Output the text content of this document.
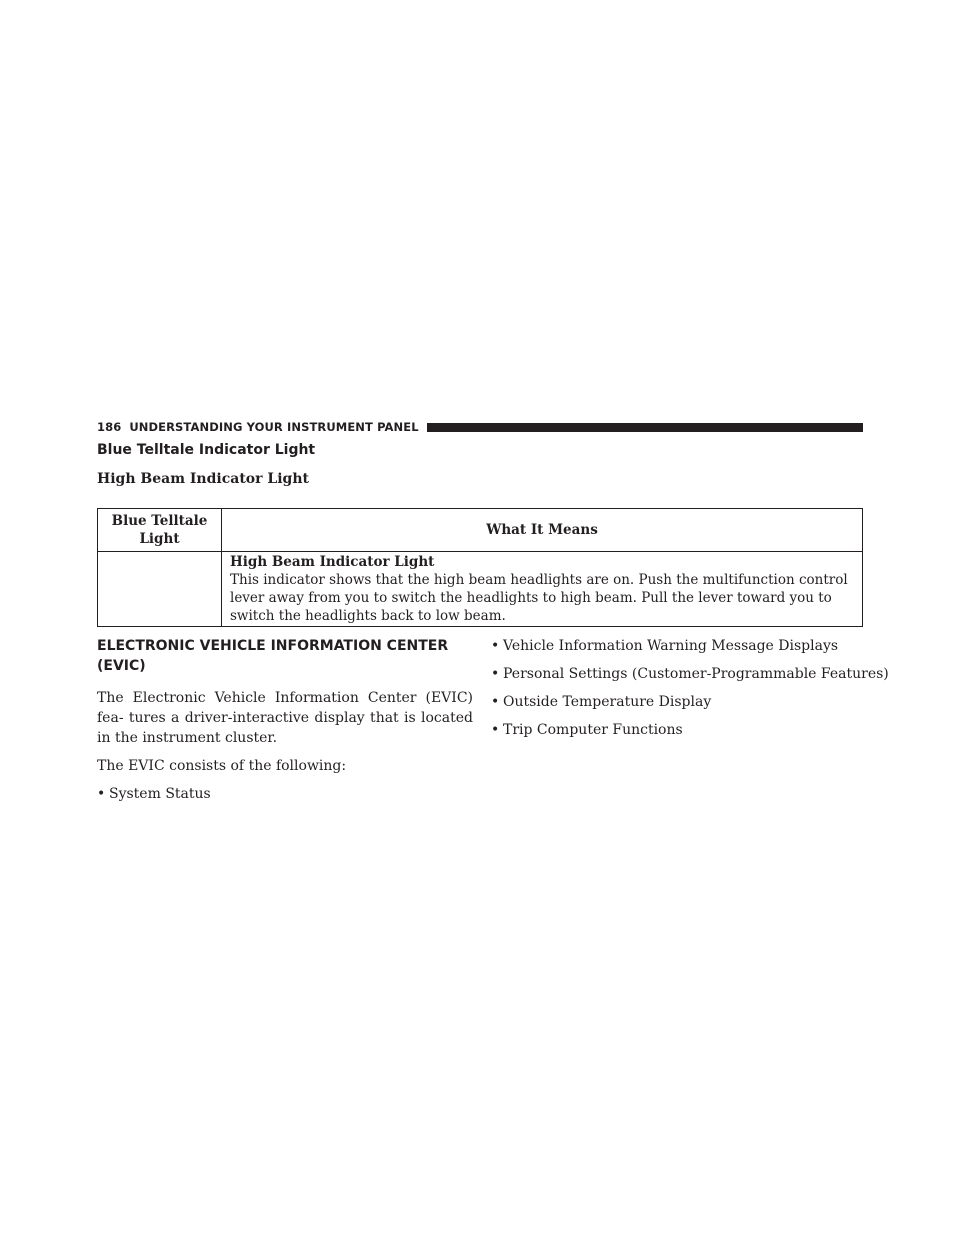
186 UNDERSTANDING YOUR INSTRUMENT PANEL
Blue Telltale Indicator Light
High Beam Indicator Light
Blue Telltale Light	What It Means

	High Beam Indicator Light
This indicator shows that the high beam headlights are on. Push the multifunction control lever away from you to switch the headlights to high beam. Pull the lever toward you to switch the headlights back to low beam.
ELECTRONIC VEHICLE INFORMATION CENTER (EVIC)

The Electronic Vehicle Information Center (EVIC) fea- tures a driver-interactive display that is located in the instrument cluster.

The EVIC consists of the following:

• System Status
• Vehicle Information Warning Message Displays
• Personal Settings (Customer-Programmable Features)
• Outside Temperature Display
• Trip Computer Functions
